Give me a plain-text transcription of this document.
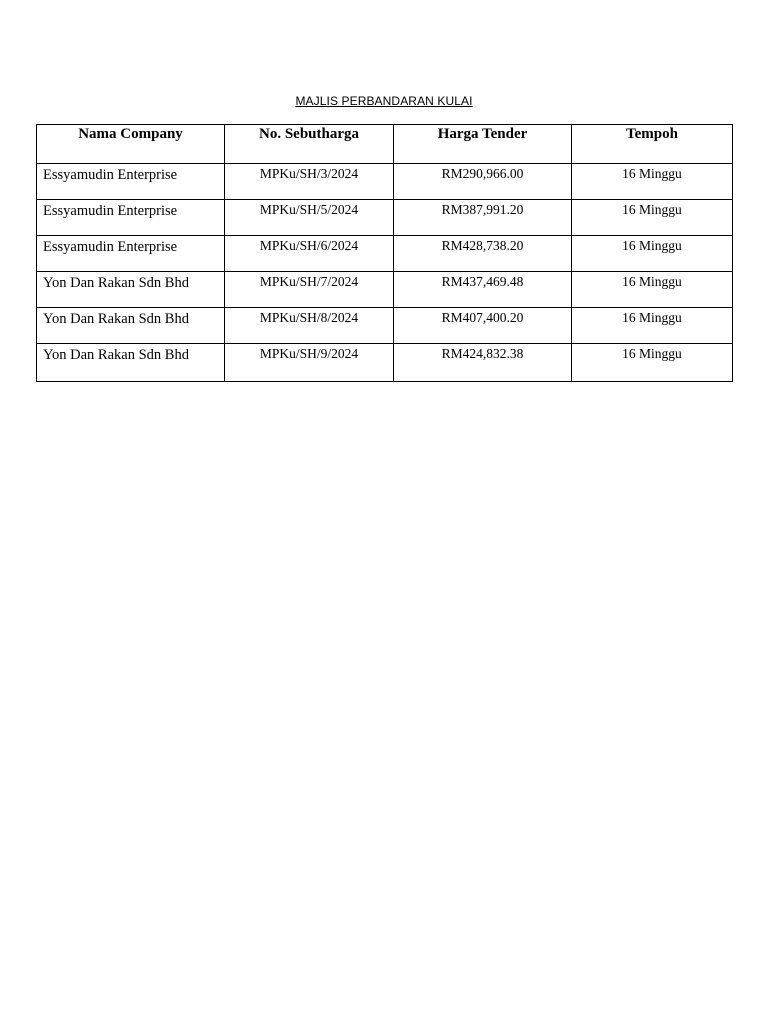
MAJLIS PERBANDARAN KULAI
Nama Company	No. Sebutharga	Harga Tender	Tempoh
Essyamudin Enterprise	MPKu/SH/3/2024	RM290,966.00	16 Minggu
Essyamudin Enterprise	MPKu/SH/5/2024	RM387,991.20	16 Minggu
Essyamudin Enterprise	MPKu/SH/6/2024	RM428,738.20	16 Minggu
Yon Dan Rakan Sdn Bhd	MPKu/SH/7/2024	RM437,469.48	16 Minggu
Yon Dan Rakan Sdn Bhd	MPKu/SH/8/2024	RM407,400.20	16 Minggu
Yon Dan Rakan Sdn Bhd	MPKu/SH/9/2024	RM424,832.38	16 Minggu
